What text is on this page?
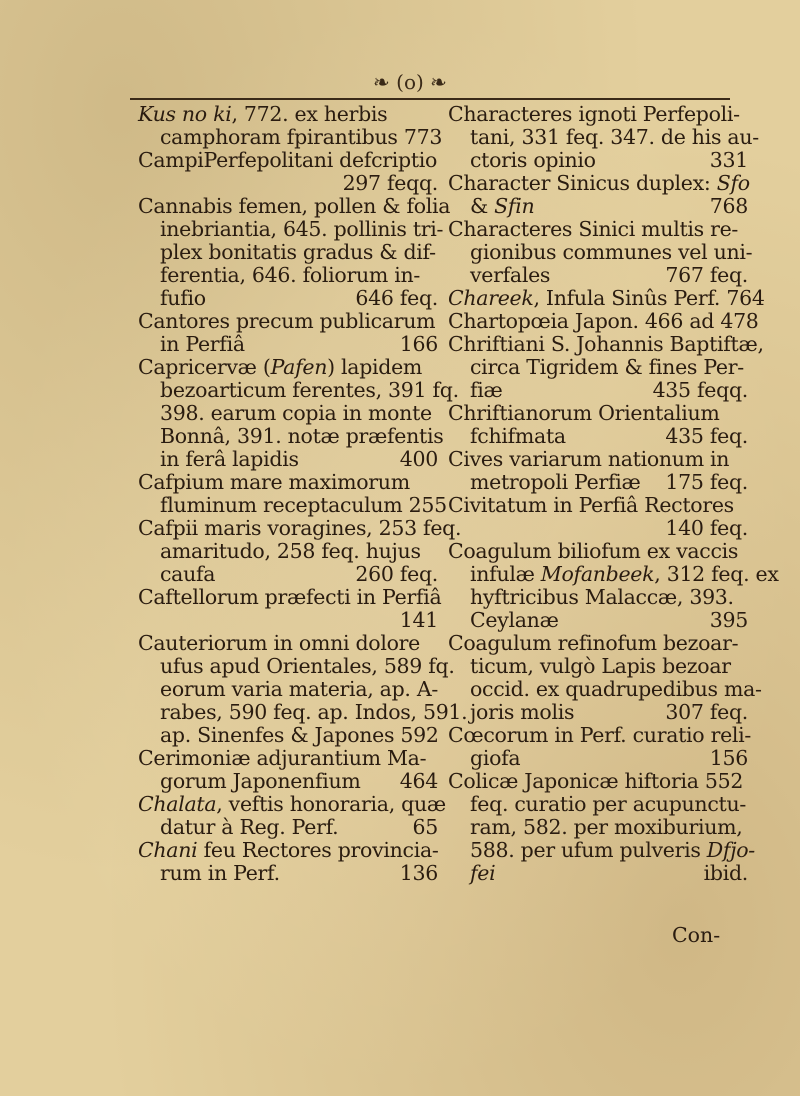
❧ (o) ❧
Kus no ki, 772. ex herbis
camphoram fpirantibus 773
CampiPerfepolitani defcriptio
297 feqq.
Cannabis femen, pollen & folia
inebriantia, 645. pollinis tri-
plex bonitatis gradus & dif-
ferentia, 646. foliorum in-
fufio	646 feq.
Cantores precum publicarum
in Perfiâ	166
Capricervæ (Pafen) lapidem
bezoarticum ferentes, 391 fq.
398. earum copia in monte
Bonnâ, 391. notæ præfentis
in ferâ lapidis	400
Cafpium mare maximorum
fluminum receptaculum 255
Cafpii maris voragines, 253 feq.
amaritudo, 258 feq. hujus
caufa	260 feq.
Caftellorum præfecti in Perfiâ
141
Cauteriorum in omni dolore
ufus apud Orientales, 589 fq.
eorum varia materia, ap. A-
rabes, 590 feq. ap. Indos, 591.
ap. Sinenfes & Japones 592
Cerimoniæ adjurantium Ma-
gorum Japonenfium 464
Chalata, veftis honoraria, quæ
datur à Reg. Perf.	65
Chani feu Rectores provincia-
rum in Perf.	136
Characteres ignoti Perfepoli-
tani, 331 feq. 347. de his au-
ctoris opinio	331
Character Sinicus duplex: Sfo
& Sfin	768
Characteres Sinici multis re-
gionibus communes vel uni-
verfales	767 feq.
Chareek, Infula Sinûs Perf. 764
Chartopœia Japon. 466 ad 478
Chriftiani S. Johannis Baptiftæ,
circa Tigridem & fines Per-
fiæ	435 feqq.
Chriftianorum Orientalium
fchifmata	435 feq.
Cives variarum nationum in
metropoli Perfiæ 175 feq.
Civitatum in Perfiâ Rectores
140 feq.
Coagulum biliofum ex vaccis
infulæ Mofanbeek, 312 feq. ex
hyftricibus Malaccæ, 393.
Ceylanæ	395
Coagulum refinofum bezoar-
ticum, vulgò Lapis bezoar
occid. ex quadrupedibus ma-
joris molis	307 feq.
Cœcorum in Perf. curatio reli-
giofa	156
Colicæ Japonicæ hiftoria 552
feq. curatio per acupunctu-
ram, 582. per moxiburium,
588. per ufum pulveris Dfjo-
fei	ibid.
Con-
